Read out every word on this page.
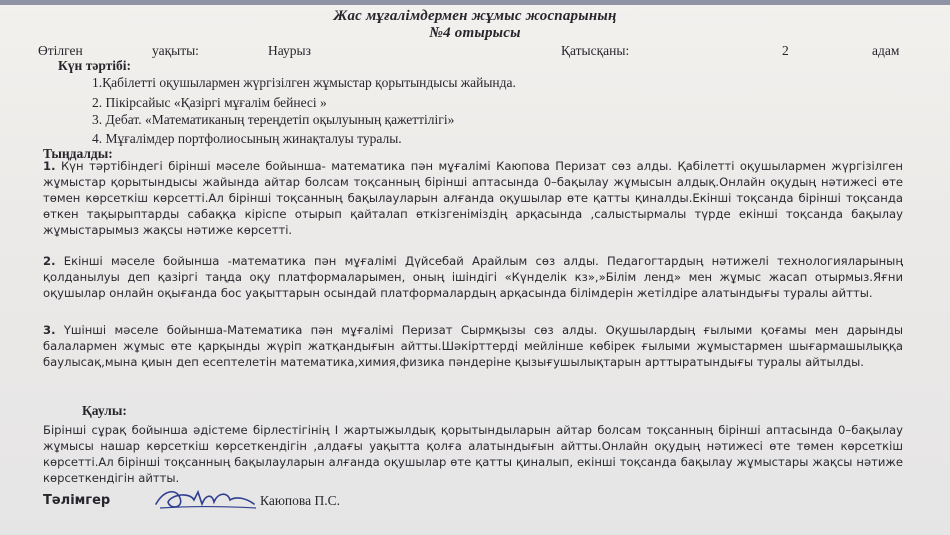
Жас мұғалімдермен жұмыс жоспарының
№4 отырысы
Өтілген	уақыты:	Наурыз	Қатысқаны:	2	адам
Күн тәртібі:
1.Қабілетті оқушылармен жүргізілген жұмыстар қорытындысы жайында.
2. Пікірсайыс «Қазіргі мұғалім бейнесі »
3. Дебат. «Математиканың тереңдетіп оқылуының қажеттілігі»
4. Мұғалімдер портфолиосының жинақталуы туралы.
Тыңдалды:

1. Күн тәртібіндегі бірінші мәселе бойынша- математика пән мұғалімі Каюпова Перизат сөз алды. Қабілетті оқушылармен жүргізілген жұмыстар қорытындысы жайында айтар болсам тоқсанның бірінші аптасында 0–бақылау жұмысын алдық.Онлайн оқудың нәтижесі өте төмен көрсеткіш көрсетті.Ал бірінші тоқсанның бақылауларын алғанда оқушылар өте қатты қиналды.Екінші тоқсанда бірінші тоқсанда өткен тақырыптарды сабаққа кіріспе отырып қайталап өткізгеніміздің арқасында ,салыстырмалы түрде екінші тоқсанда бақылау жұмыстарымыз жақсы нәтиже көрсетті.

2. Екінші мәселе бойынша -математика пән мұғалімі Дүйсебай Арайлым сөз алды. Педагогтардың нәтижелі технологияларының қолданылуы деп қазіргі таңда оқу платформаларымен, оның ішіндігі «Күнделік кз»,»Білім ленд» мен жұмыс жасап отырмыз.Яғни оқушылар онлайн оқығанда бос уақыттарын осындай платформалардың арқасында білімдерін жетілдіре алатындығы туралы айтты.

3. Үшінші мәселе бойынша-Математика пән мұғалімі Перизат Сырмқызы сөз алды. Оқушылардың ғылыми қоғамы мен дарынды балалармен жұмыс өте қарқынды жүріп жатқандығын айтты.Шәкірттерді мейлінше көбірек ғылыми жұмыстармен шығармашылыққа баулысақ,мына қиын деп есептелетін математика,химия,физика пәндеріне қызығушылықтарын арттыратындығы туралы айтылды.

Қаулы:
Бірінші сұрақ бойынша әдістеме бірлестігінің І жартыжылдық қорытындыларын айтар болсам тоқсанның бірінші аптасында 0–бақылау жұмысы нашар көрсеткіш көрсеткендігін ,алдағы уақытта қолға алатындығын айтты.Онлайн оқудың нәтижесі өте төмен көрсеткіш көрсетті.Ал бірінші тоқсанның бақылауларын алғанда оқушылар өте қатты қиналып, екінші тоқсанда бақылау жұмыстары жақсы нәтиже көрсеткендігін айтты.
Тәлімгер	Каюпова П.С.
